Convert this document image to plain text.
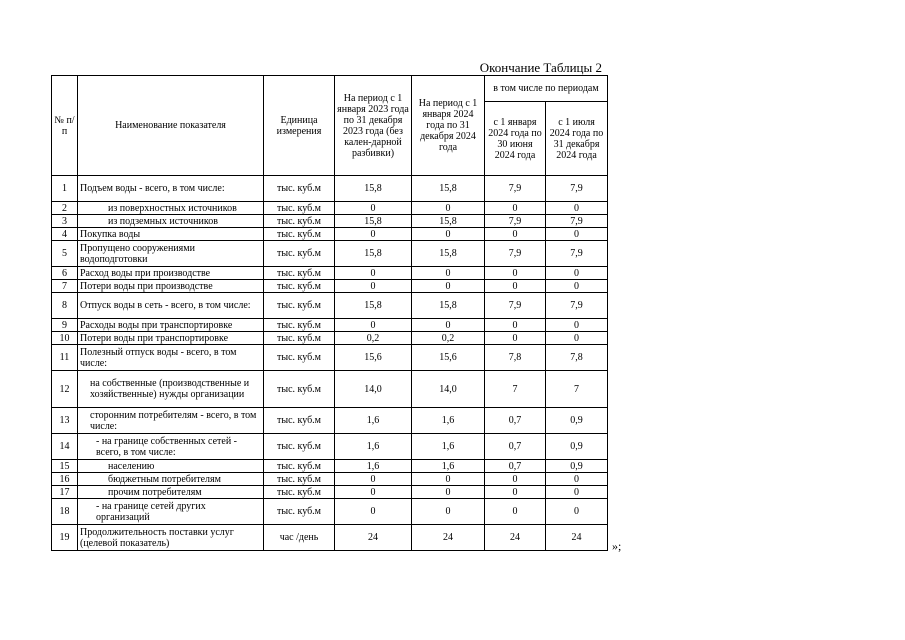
Окончание Таблицы 2
№ п/п	Наименование показателя	Единица измерения	На период с 1 января 2023 года по 31 декабря 2023 года (без кален-дарной разбивки)	На период с 1 января 2024 года по 31 декабря 2024 года	в том числе по периодам	
					с 1 января 2024 года по 30 июня 2024 года	с 1 июля 2024 года по 31 декабря 2024 года
1	Подъем воды - всего, в том числе:	тыс. куб.м	15,8	15,8	7,9	7,9
2	из поверхностных источников	тыс. куб.м	0	0	0	0
3	из подземных источников	тыс. куб.м	15,8	15,8	7,9	7,9
4	Покупка воды	тыс. куб.м	0	0	0	0
5	Пропущено сооружениями водоподготовки	тыс. куб.м	15,8	15,8	7,9	7,9
6	Расход воды при производстве	тыс. куб.м	0	0	0	0
7	Потери воды при производстве	тыс. куб.м	0	0	0	0
8	Отпуск воды в сеть - всего, в том числе:	тыс. куб.м	15,8	15,8	7,9	7,9
9	Расходы воды при транспортировке	тыс. куб.м	0	0	0	0
10	Потери воды при транспортировке	тыс. куб.м	0,2	0,2	0	0
11	Полезный отпуск воды - всего, в том числе:	тыс. куб.м	15,6	15,6	7,8	7,8
12	на собственные (производственные и хозяйственные) нужды организации	тыс. куб.м	14,0	14,0	7	7
13	сторонним потребителям - всего, в том числе:	тыс. куб.м	1,6	1,6	0,7	0,9
14	- на границе собственных сетей - всего, в том числе:	тыс. куб.м	1,6	1,6	0,7	0,9
15	населению	тыс. куб.м	1,6	1,6	0,7	0,9
16	бюджетным потребителям	тыс. куб.м	0	0	0	0
17	прочим потребителям	тыс. куб.м	0	0	0	0
18	- на границе сетей других организаций	тыс. куб.м	0	0	0	0
19	Продолжительность поставки услуг (целевой показатель)	час /день	24	24	24	24
»;
